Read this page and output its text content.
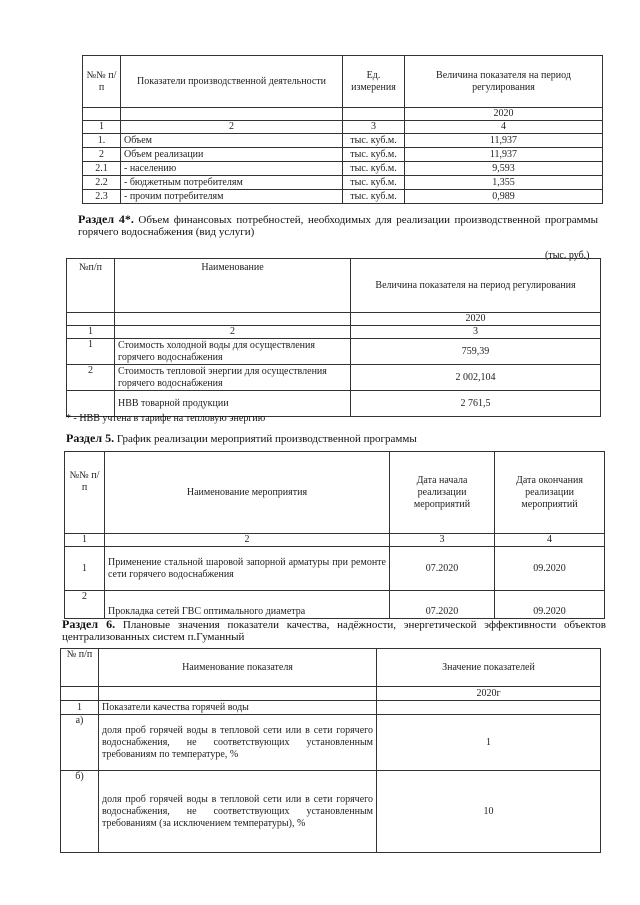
№№ п/п	Показатели производственной деятельности	Ед. измерения	Величина показателя на период регулирования
			2020
1	2	3	4
1.	Объем	тыс. куб.м.	11,937
2	Объем реализации	тыс. куб.м.	11,937
2.1	- населению	тыс. куб.м.	9,593
2.2	- бюджетным потребителям	тыс. куб.м.	1,355
2.3	- прочим потребителям	тыс. куб.м.	0,989
Раздел 4*. Объем финансовых потребностей, необходимых для реализации производственной программы горячего водоснабжения (вид услуги)
(тыс. руб.)
№п/п	Наименование	Величина показателя на период регулирования
		2020
1	2	3
1	Стоимость холодной воды для осуществления горячего водоснабжения	759,39
2	Стоимость тепловой энергии для осуществления горячего водоснабжения	2 002,104
	НВВ товарной продукции	2 761,5
* - НВВ учтена в тарифе на тепловую энергию
Раздел 5. График реализации мероприятий производственной программы
№№ п/п	Наименование мероприятия	Дата начала реализации мероприятий	Дата окончания реализации мероприятий
1	2	3	4
1	Применение стальной шаровой запорной арматуры при ремонте сети горячего водоснабжения	07.2020	09.2020
2	Прокладка сетей ГВС оптимального диаметра	07.2020	09.2020
Раздел 6. Плановые значения показатели качества, надёжности, энергетической эффективности объектов централизованных систем п.Гуманный
№ п/п	Наименование показателя	Значение показателей
		2020г
1	Показатели качества горячей воды	
а)	доля проб горячей воды в тепловой сети или в сети горячего водоснабжения, не соответствующих установленным требованиям по температуре, %	1
б)	доля проб горячей воды в тепловой сети или в сети горячего водоснабжения, не соответствующих установленным требованиям (за исключением температуры), %	10
